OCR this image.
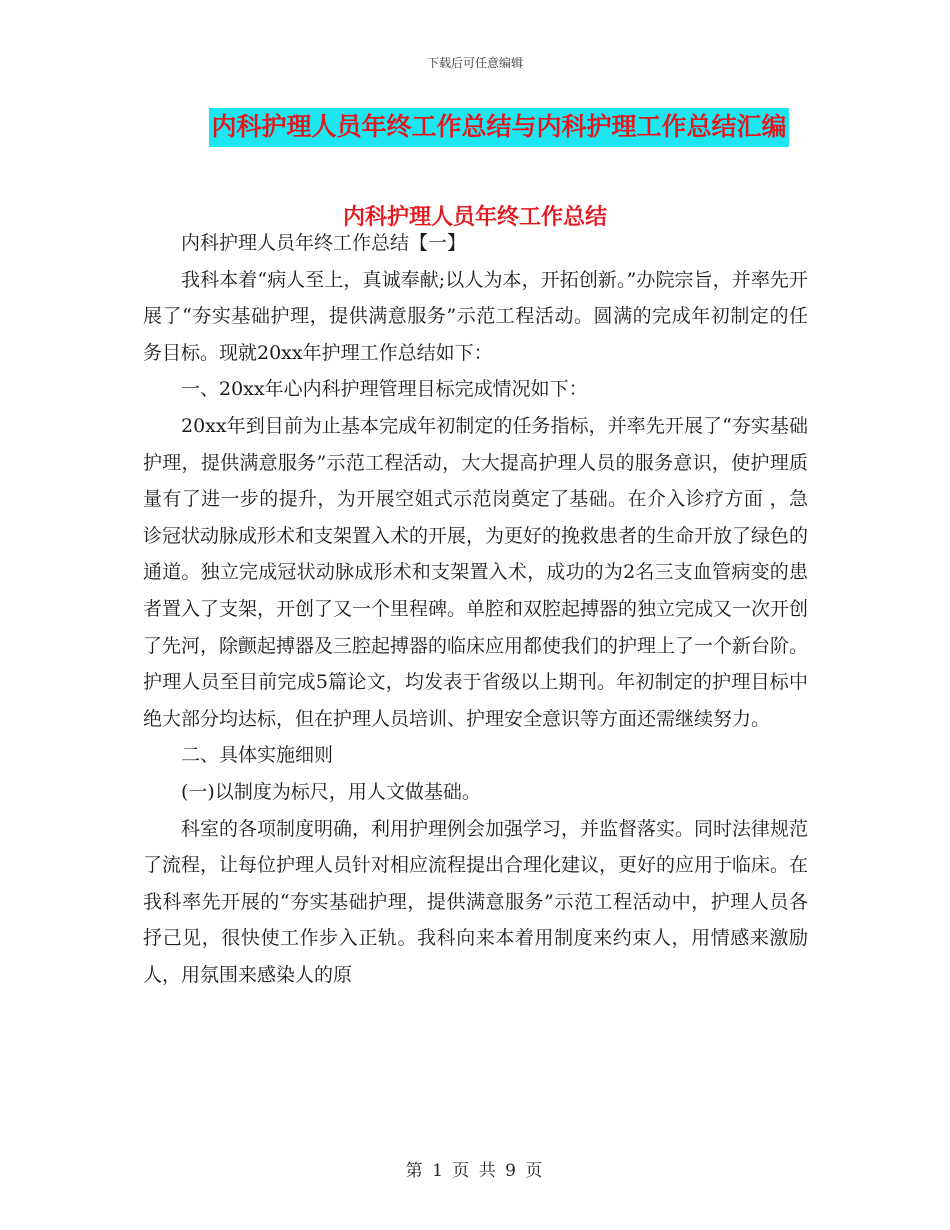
下载后可任意编辑
内科护理人员年终工作总结与内科护理工作总结汇编
内科护理人员年终工作总结

内科护理人员年终工作总结【一】

我科本着“病人至上，真诚奉献;以人为本，开拓创新。”办院宗旨，并率先开展了“夯实基础护理，提供满意服务”示范工程活动。圆满的完成年初制定的任务目标。现就20xx年护理工作总结如下：

一、20xx年心内科护理管理目标完成情况如下：

20xx年到目前为止基本完成年初制定的任务指标，并率先开展了“夯实基础护理，提供满意服务”示范工程活动，大大提高护理人员的服务意识，使护理质量有了进一步的提升，为开展空姐式示范岗奠定了基础。在介入诊疗方面 ，急诊冠状动脉成形术和支架置入术的开展，为更好的挽救患者的生命开放了绿色的通道。独立完成冠状动脉成形术和支架置入术，成功的为2名三支血管病变的患者置入了支架，开创了又一个里程碑。单腔和双腔起搏器的独立完成又一次开创了先河，除颤起搏器及三腔起搏器的临床应用都使我们的护理上了一个新台阶。护理人员至目前完成5篇论文，均发表于省级以上期刊。年初制定的护理目标中绝大部分均达标，但在护理人员培训、护理安全意识等方面还需继续努力。

二、具体实施细则

(一)以制度为标尺，用人文做基础。

科室的各项制度明确，利用护理例会加强学习，并监督落实。同时法律规范了流程，让每位护理人员针对相应流程提出合理化建议，更好的应用于临床。在我科率先开展的“夯实基础护理，提供满意服务”示范工程活动中，护理人员各抒己见，很快使工作步入正轨。我科向来本着用制度来约束人，用情感来激励人，用氛围来感染人的原

第 1 页 共 9 页
